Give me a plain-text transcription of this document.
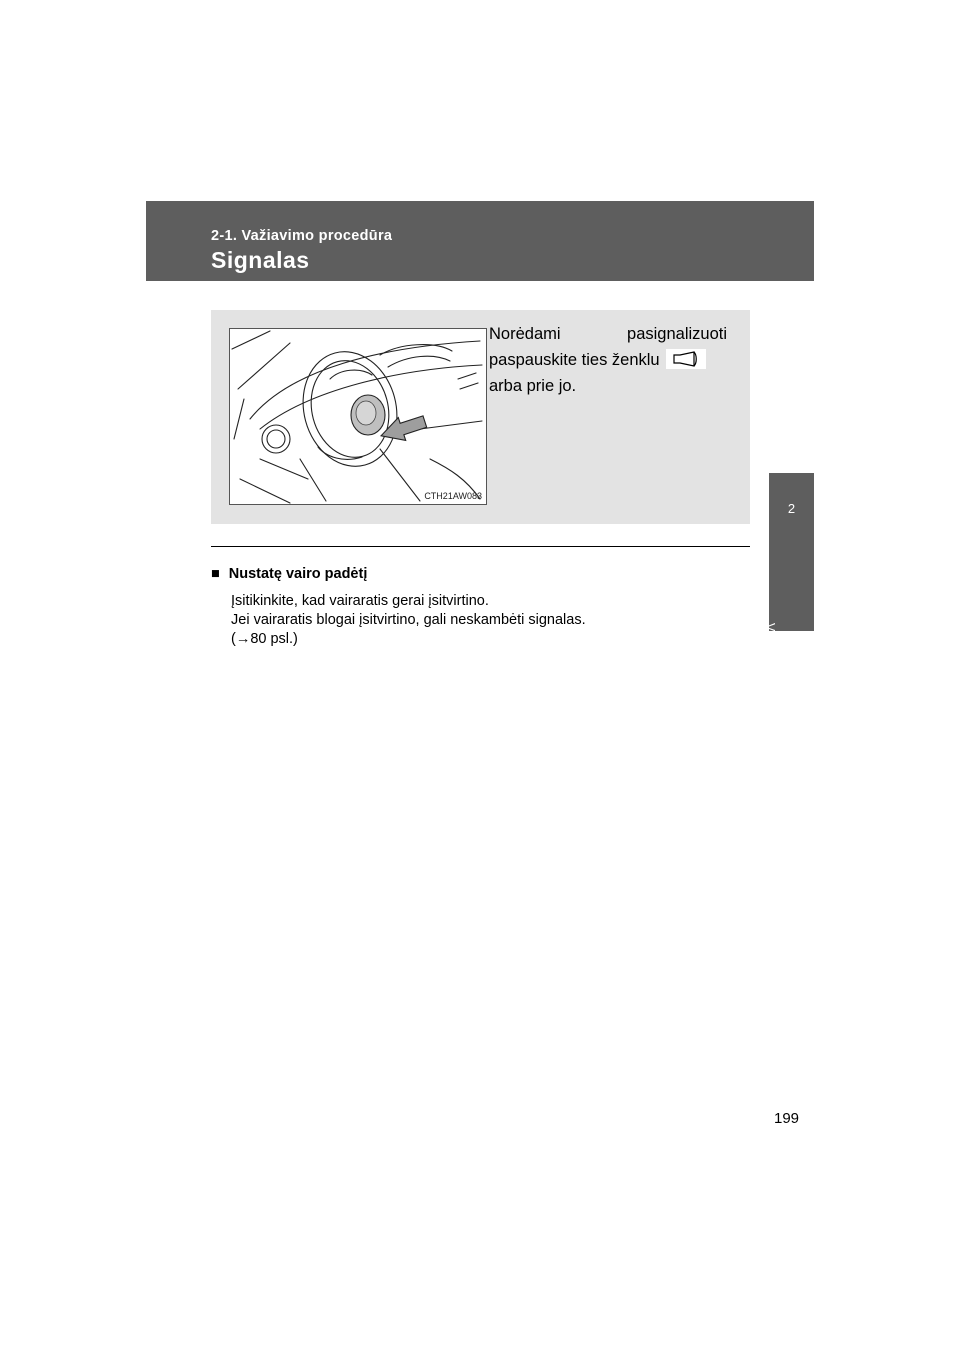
2-1. Važiavimo procedūra
Signalas
2
Važiuojant
CTH21AW083
Norėdami	pasignalizuoti
paspauskite ties ženklu
arba prie jo.
■ Nustatę vairo padėtį
Įsitikinkite, kad vairaratis gerai įsitvirtino.
Jei vairaratis blogai įsitvirtino, gali neskambėti signalas.
(→80 psl.)
199
